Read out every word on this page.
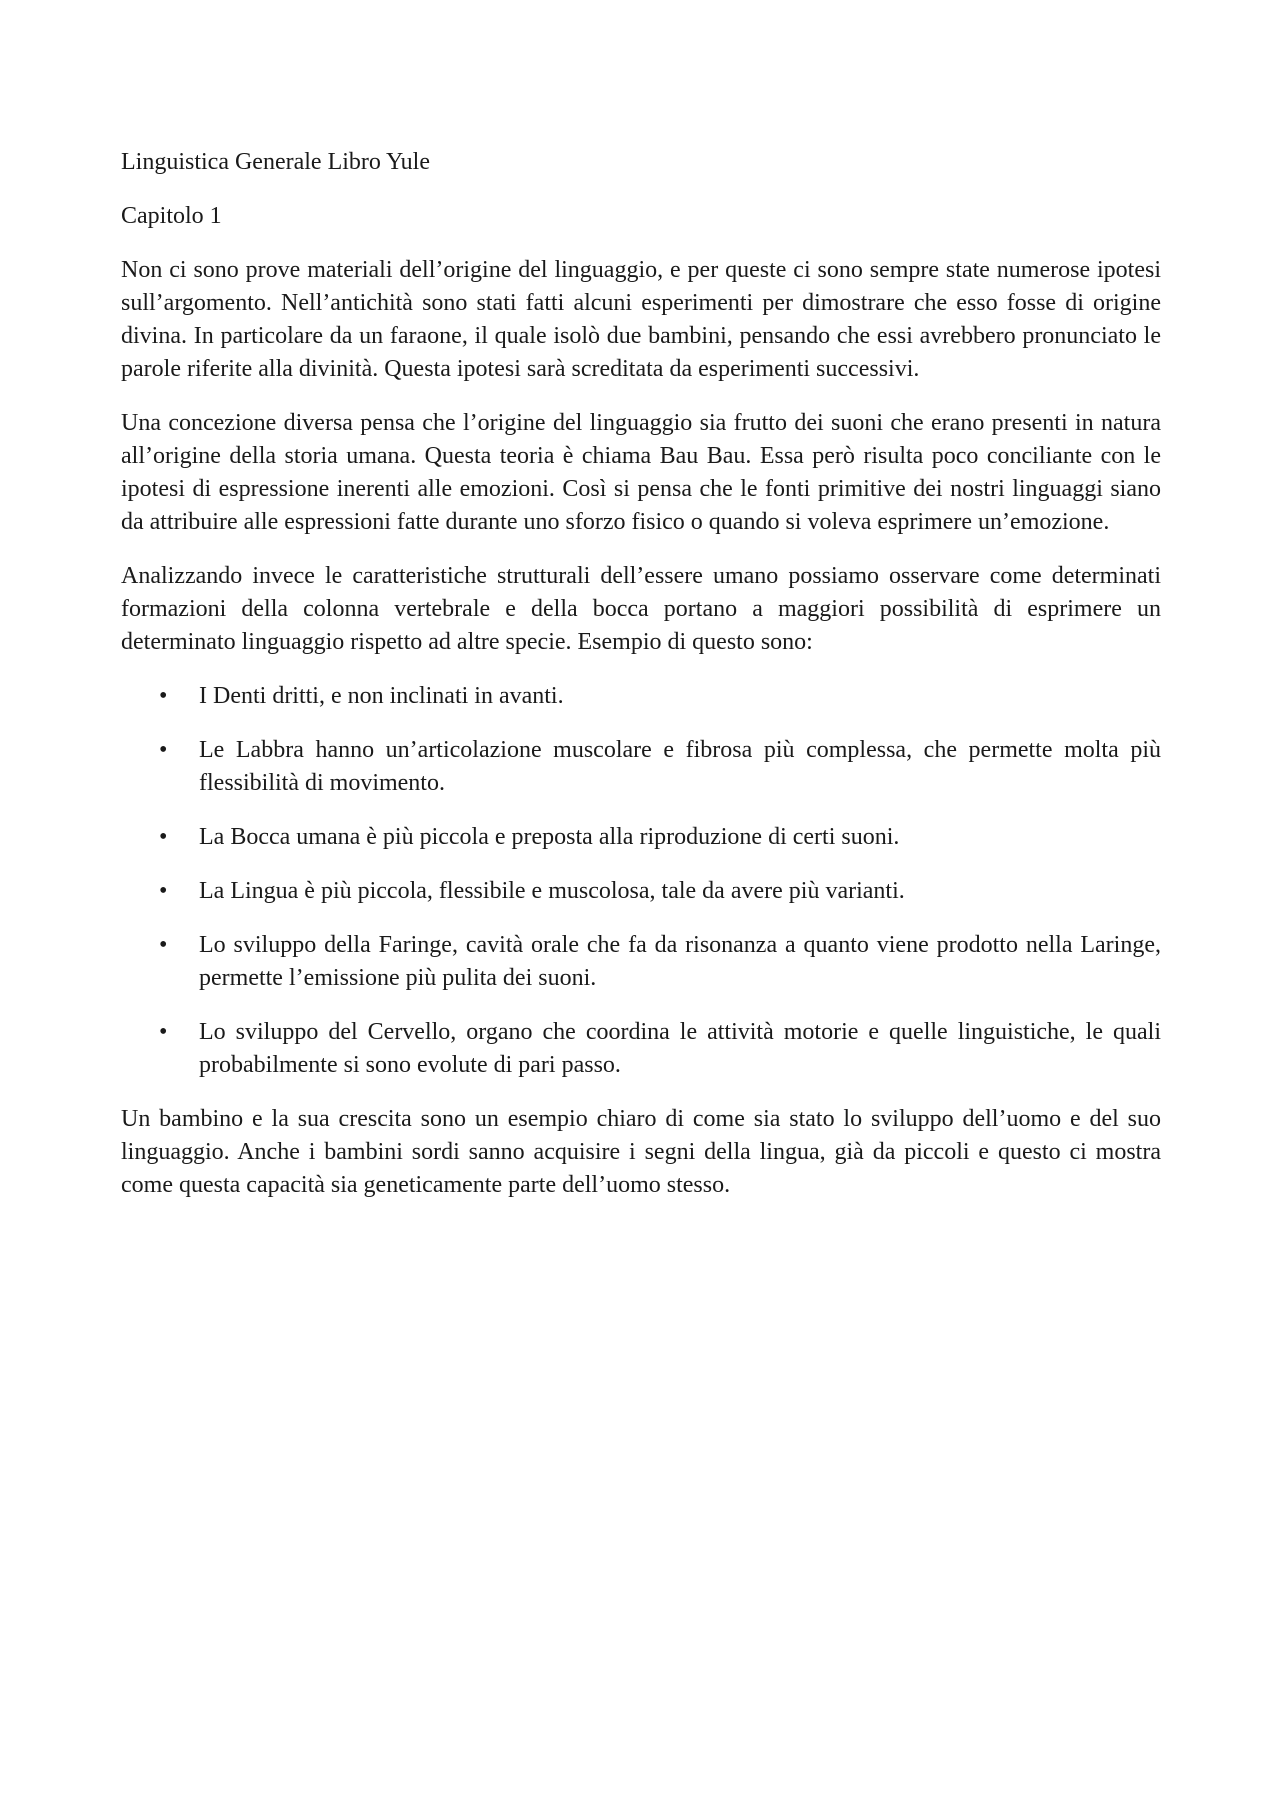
Linguistica Generale Libro Yule

Capitolo 1

Non ci sono prove materiali dell’origine del linguaggio, e per queste ci sono sempre state numerose ipotesi sull’argomento. Nell’antichità sono stati fatti alcuni esperimenti per dimostrare che esso fosse di origine divina. In particolare da un faraone, il quale isolò due bambini, pensando che essi avrebbero pronunciato le parole riferite alla divinità. Questa ipotesi sarà screditata da esperimenti successivi.

Una concezione diversa pensa che l’origine del linguaggio sia frutto dei suoni che erano presenti in natura all’origine della storia umana. Questa teoria è chiama Bau Bau. Essa però risulta poco conciliante con le ipotesi di espressione inerenti alle emozioni. Così si pensa che le fonti primitive dei nostri linguaggi siano da attribuire alle espressioni fatte durante uno sforzo fisico o quando si voleva esprimere un’emozione.

Analizzando invece le caratteristiche strutturali dell’essere umano possiamo osservare come determinati formazioni della colonna vertebrale e della bocca portano a maggiori possibilità di esprimere un determinato linguaggio rispetto ad altre specie. Esempio di questo sono:

• I Denti dritti, e non inclinati in avanti.
• Le Labbra hanno un’articolazione muscolare e fibrosa più complessa, che permette molta più flessibilità di movimento.
• La Bocca umana è più piccola e preposta alla riproduzione di certi suoni.
• La Lingua è più piccola, flessibile e muscolosa, tale da avere più varianti.
• Lo sviluppo della Faringe, cavità orale che fa da risonanza a quanto viene prodotto nella Laringe, permette l’emissione più pulita dei suoni.
• Lo sviluppo del Cervello, organo che coordina le attività motorie e quelle linguistiche, le quali probabilmente si sono evolute di pari passo.

Un bambino e la sua crescita sono un esempio chiaro di come sia stato lo sviluppo dell’uomo e del suo linguaggio. Anche i bambini sordi sanno acquisire i segni della lingua, già da piccoli e questo ci mostra come questa capacità sia geneticamente parte dell’uomo stesso.
